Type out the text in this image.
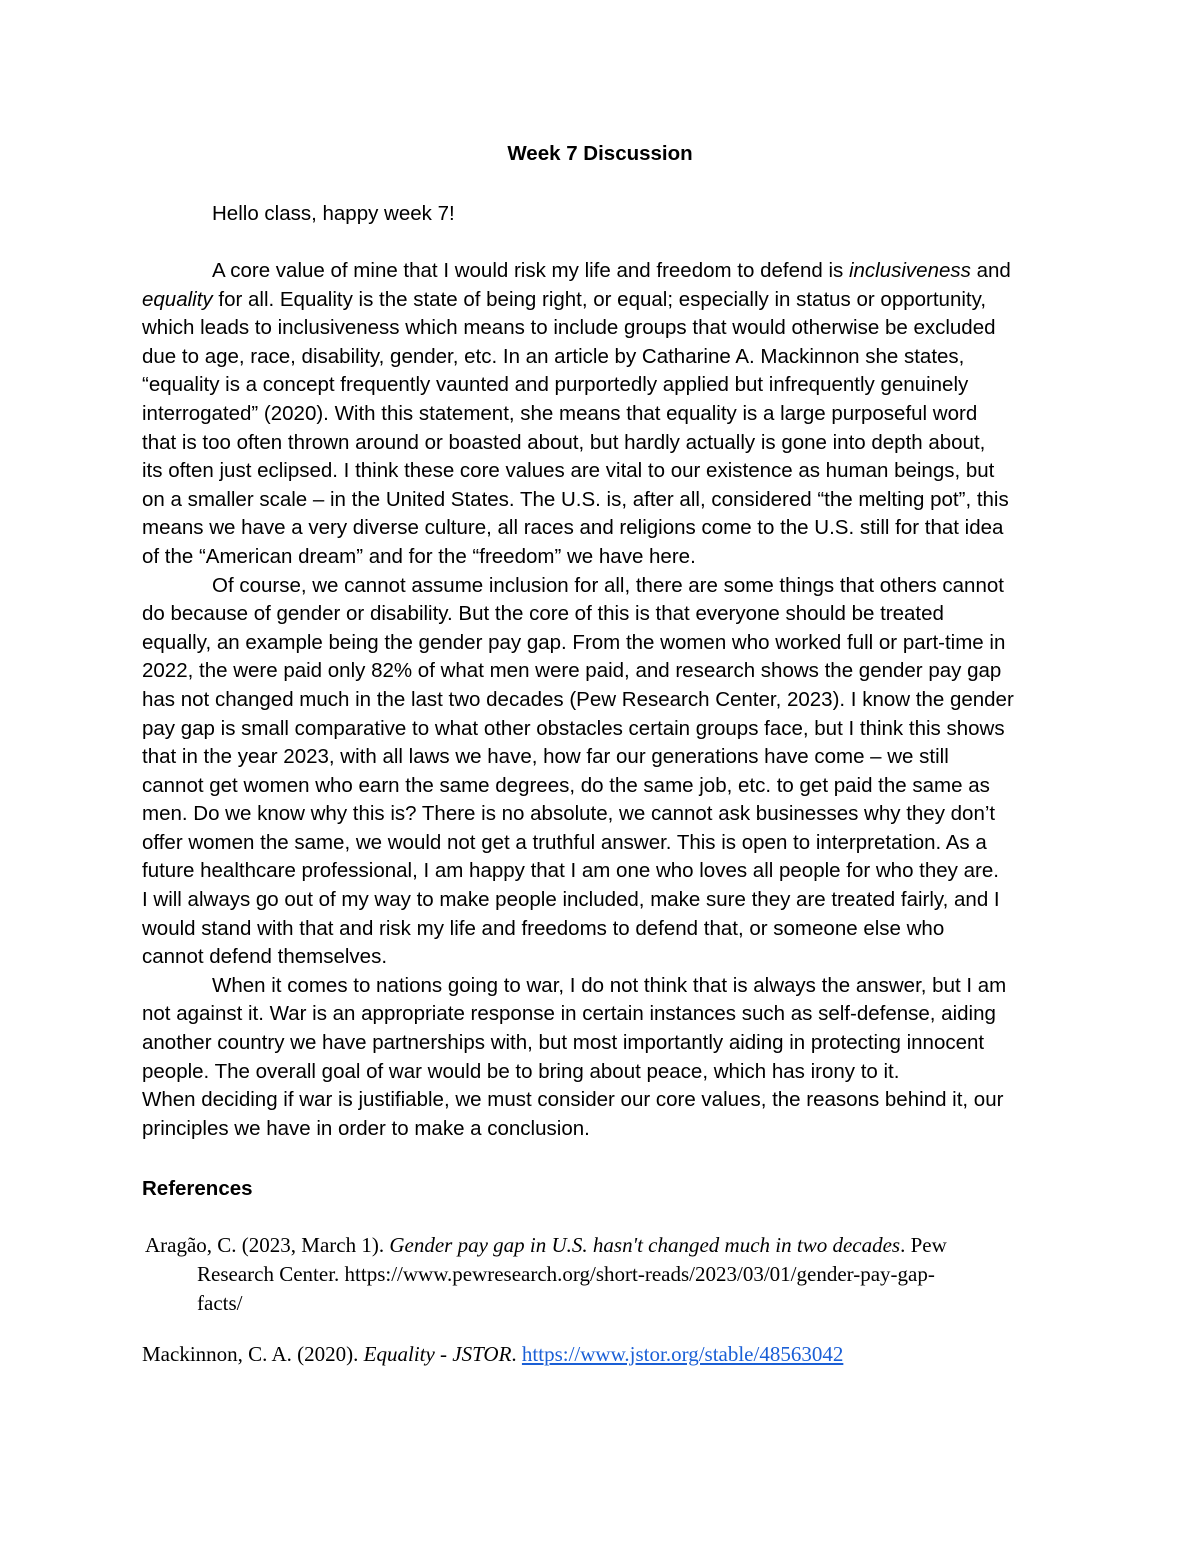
Week 7 Discussion
Hello class, happy week 7!
A core value of mine that I would risk my life and freedom to defend is inclusiveness and
equality for all. Equality is the state of being right, or equal; especially in status or opportunity,
which leads to inclusiveness which means to include groups that would otherwise be excluded
due to age, race, disability, gender, etc. In an article by Catharine A. Mackinnon she states,
“equality is a concept frequently vaunted and purportedly applied but infrequently genuinely
interrogated” (2020). With this statement, she means that equality is a large purposeful word
that is too often thrown around or boasted about, but hardly actually is gone into depth about,
its often just eclipsed. I think these core values are vital to our existence as human beings, but
on a smaller scale – in the United States. The U.S. is, after all, considered “the melting pot”, this
means we have a very diverse culture, all races and religions come to the U.S. still for that idea
of the “American dream” and for the “freedom” we have here.
Of course, we cannot assume inclusion for all, there are some things that others cannot
do because of gender or disability. But the core of this is that everyone should be treated
equally, an example being the gender pay gap. From the women who worked full or part-time in
2022, the were paid only 82% of what men were paid, and research shows the gender pay gap
has not changed much in the last two decades (Pew Research Center, 2023). I know the gender
pay gap is small comparative to what other obstacles certain groups face, but I think this shows
that in the year 2023, with all laws we have, how far our generations have come – we still
cannot get women who earn the same degrees, do the same job, etc. to get paid the same as
men. Do we know why this is? There is no absolute, we cannot ask businesses why they don’t
offer women the same, we would not get a truthful answer. This is open to interpretation. As a
future healthcare professional, I am happy that I am one who loves all people for who they are.
I will always go out of my way to make people included, make sure they are treated fairly, and I
would stand with that and risk my life and freedoms to defend that, or someone else who
cannot defend themselves.
When it comes to nations going to war, I do not think that is always the answer, but I am
not against it. War is an appropriate response in certain instances such as self-defense, aiding
another country we have partnerships with, but most importantly aiding in protecting innocent
people. The overall goal of war would be to bring about peace, which has irony to it.
When deciding if war is justifiable, we must consider our core values, the reasons behind it, our
principles we have in order to make a conclusion.
References
Aragão, C. (2023, March 1). Gender pay gap in U.S. hasn't changed much in two decades. Pew
Research Center. https://www.pewresearch.org/short-reads/2023/03/01/gender-pay-gap-
facts/
Mackinnon, C. A. (2020). Equality - JSTOR. https://www.jstor.org/stable/48563042
